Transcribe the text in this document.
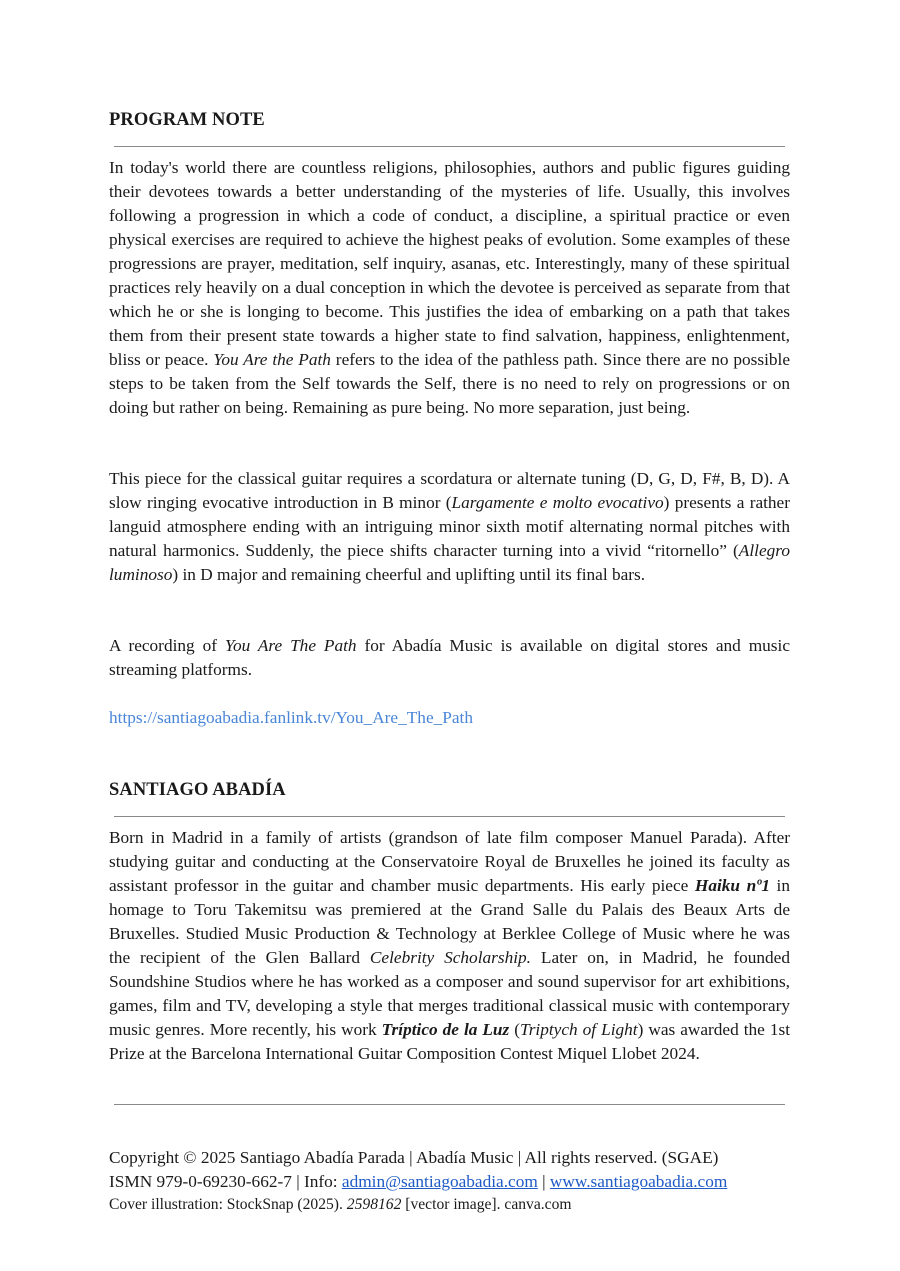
PROGRAM NOTE

In today's world there are countless religions, philosophies, authors and public figures guiding their devotees towards a better understanding of the mysteries of life. Usually, this involves following a progression in which a code of conduct, a discipline, a spiritual practice or even physical exercises are required to achieve the highest peaks of evolution. Some examples of these progressions are prayer, meditation, self inquiry, asanas, etc. Interestingly, many of these spiritual practices rely heavily on a dual conception in which the devotee is perceived as separate from that which he or she is longing to become. This justifies the idea of embarking on a path that takes them from their present state towards a higher state to find salvation, happiness, enlightenment, bliss or peace. You Are the Path refers to the idea of the pathless path. Since there are no possible steps to be taken from the Self towards the Self, there is no need to rely on progressions or on doing but rather on being. Remaining as pure being. No more separation, just being.

This piece for the classical guitar requires a scordatura or alternate tuning (D, G, D, F#, B, D). A slow ringing evocative introduction in B minor (Largamente e molto evocativo) presents a rather languid atmosphere ending with an intriguing minor sixth motif alternating normal pitches with natural harmonics. Suddenly, the piece shifts character turning into a vivid “ritornello” (Allegro luminoso) in D major and remaining cheerful and uplifting until its final bars.

A recording of You Are The Path for Abadía Music is available on digital stores and music streaming platforms.

https://santiagoabadia.fanlink.tv/You_Are_The_Path
SANTIAGO ABADÍA

Born in Madrid in a family of artists (grandson of late film composer Manuel Parada). After studying guitar and conducting at the Conservatoire Royal de Bruxelles he joined its faculty as assistant professor in the guitar and chamber music departments. His early piece Haiku nº1 in homage to Toru Takemitsu was premiered at the Grand Salle du Palais des Beaux Arts de Bruxelles. Studied Music Production & Technology at Berklee College of Music where he was the recipient of the Glen Ballard Celebrity Scholarship. Later on, in Madrid, he founded Soundshine Studios where he has worked as a composer and sound supervisor for art exhibitions, games, film and TV, developing a style that merges traditional classical music with contemporary music genres. More recently, his work Tríptico de la Luz (Triptych of Light) was awarded the 1st Prize at the Barcelona International Guitar Composition Contest Miquel Llobet 2024.

Copyright © 2025 Santiago Abadía Parada | Abadía Music | All rights reserved. (SGAE)

ISMN 979-0-69230-662-7 | Info: admin@santiagoabadia.com | www.santiagoabadia.com

Cover illustration: StockSnap (2025). 2598162 [vector image]. canva.com
